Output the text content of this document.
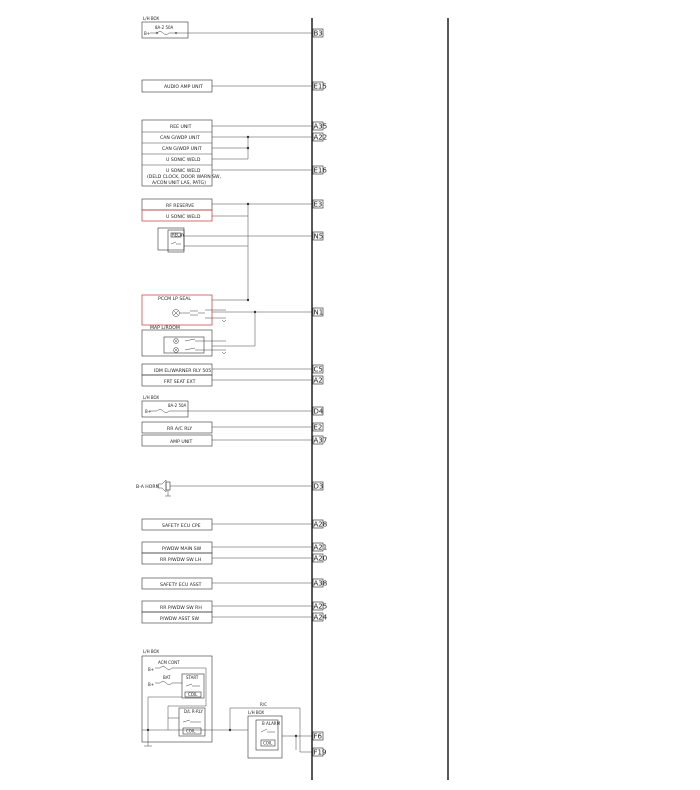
L/H BOX
8A-2 50A
B+
AUDIO AMP UNIT
REE UNIT
CAN G/WDP UNIT
CAN G/WDP UNIT
U SONIC WELD
U SONIC WELD
(DELD CLOCK, DOOR WARN SW,
A/CON UNIT LAS, PATG)
RF RESERVE
U SONIC WELD
RELAY
PCCM LP SEAL
MAP L/ROOM
IDM EL/WARNER RLY 505
FRT SEAT EXT
L/H BOX
8A-2 50A
B+
RR A/C RLY
AMP UNIT
B-A HORN
SAFETY ECU CPE
P/WDW MAIN SW
RR P/WDW SW LH
SAFETY ECU ASST
RR P/WDW SW RH
P/WDW ASST SW
L/H BOX
ACM CONT
B+
BAT
B+
START
COIL
D/L R-RLY
COIL
R/C
L/H BOX
B ALARM
COIL
B3
E15
A35
A22
E16
E3
N5
N1
C5
A2
D4
E2
A37
D3
A28
A21
A20
A38
A25
A24
F6
F19
